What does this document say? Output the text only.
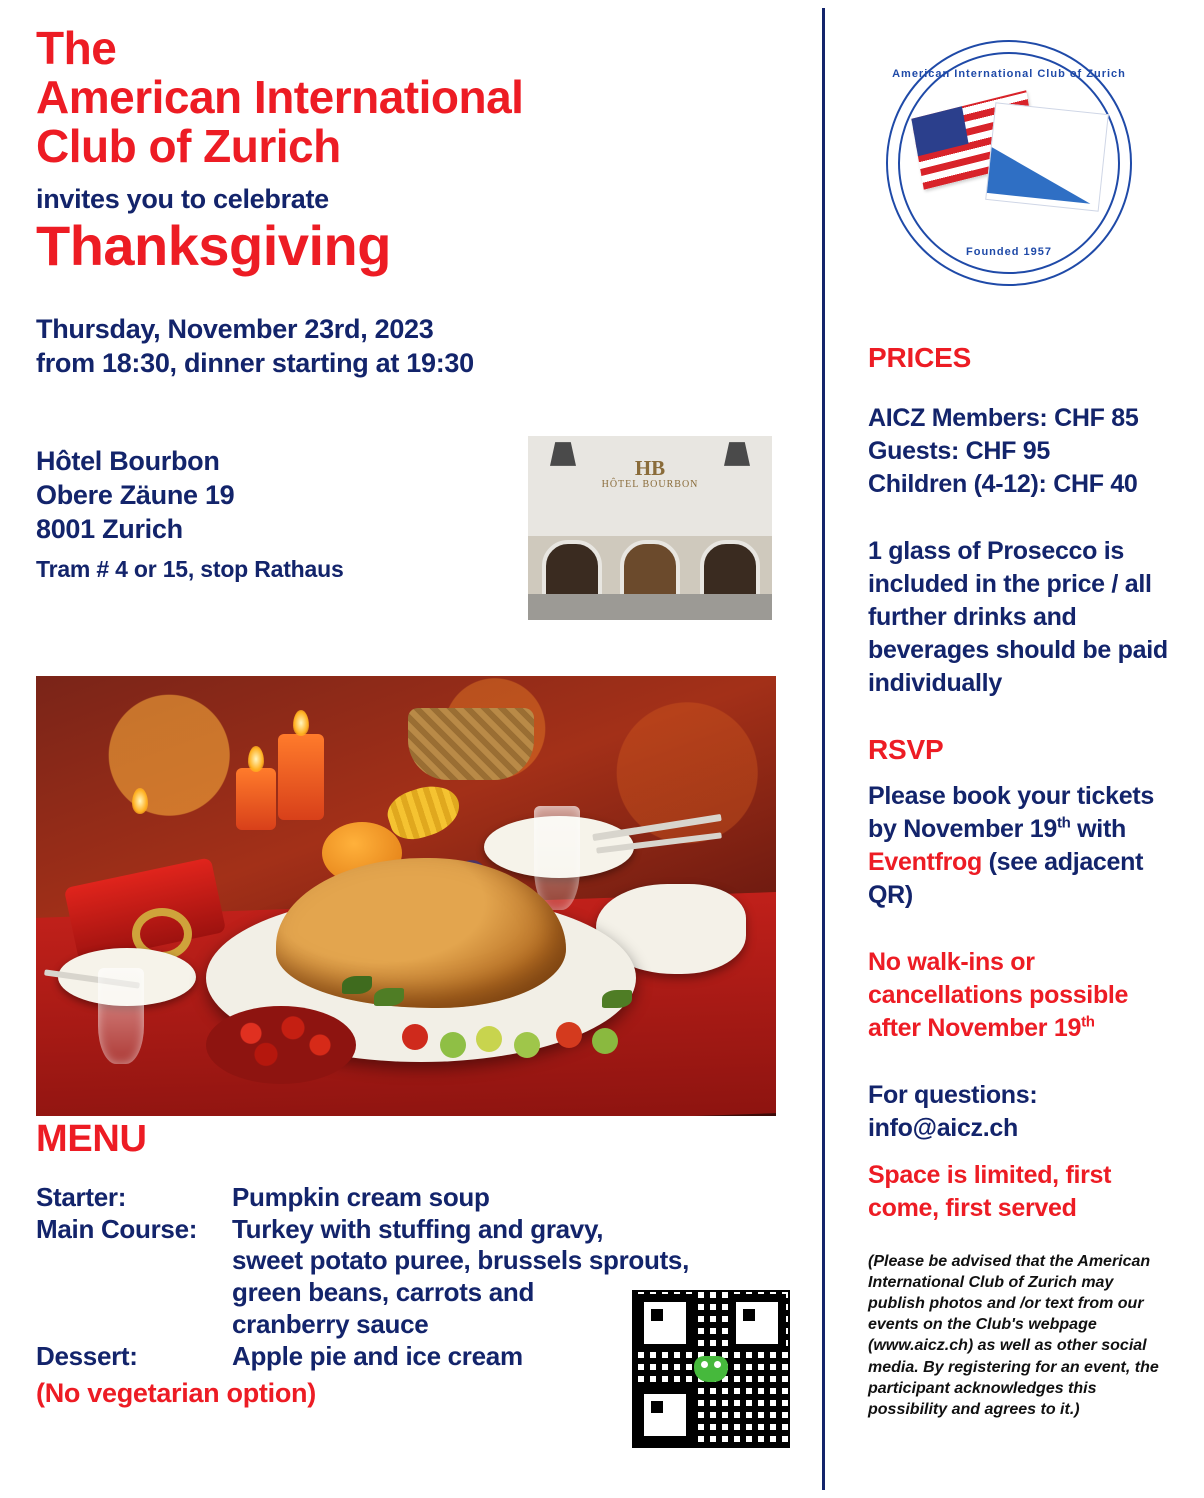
The
American International
Club of Zurich
invites you to celebrate
Thanksgiving
Thursday, November 23rd, 2023
from 18:30, dinner starting at 19:30
Hôtel Bourbon
Obere Zäune 19
8001 Zurich
Tram # 4 or 15, stop Rathaus
HB
HÔTEL BOURBON
MENU
Starter:	Pumpkin cream soup
Main Course:	Turkey with stuffing and gravy,
	sweet potato puree, brussels sprouts,
	green beans, carrots and
	cranberry sauce
Dessert:	Apple pie and ice cream
(No vegetarian option)
American International Club of Zurich
Founded 1957
PRICES
AICZ Members: CHF 85
Guests: CHF 95
Children (4-12): CHF 40
1 glass of Prosecco is included in the price / all further drinks and beverages should be paid individually
RSVP
Please book your tickets by November 19th with Eventfrog (see adjacent QR)
No walk-ins or cancellations possible after November 19th
For questions:
info@aicz.ch
Space is limited, first come, first served
(Please be advised that the American International Club of Zurich may publish photos and /or text from our events on the Club's webpage (www.aicz.ch) as well as other social media. By registering for an event, the participant acknowledges this possibility and agrees to it.)
